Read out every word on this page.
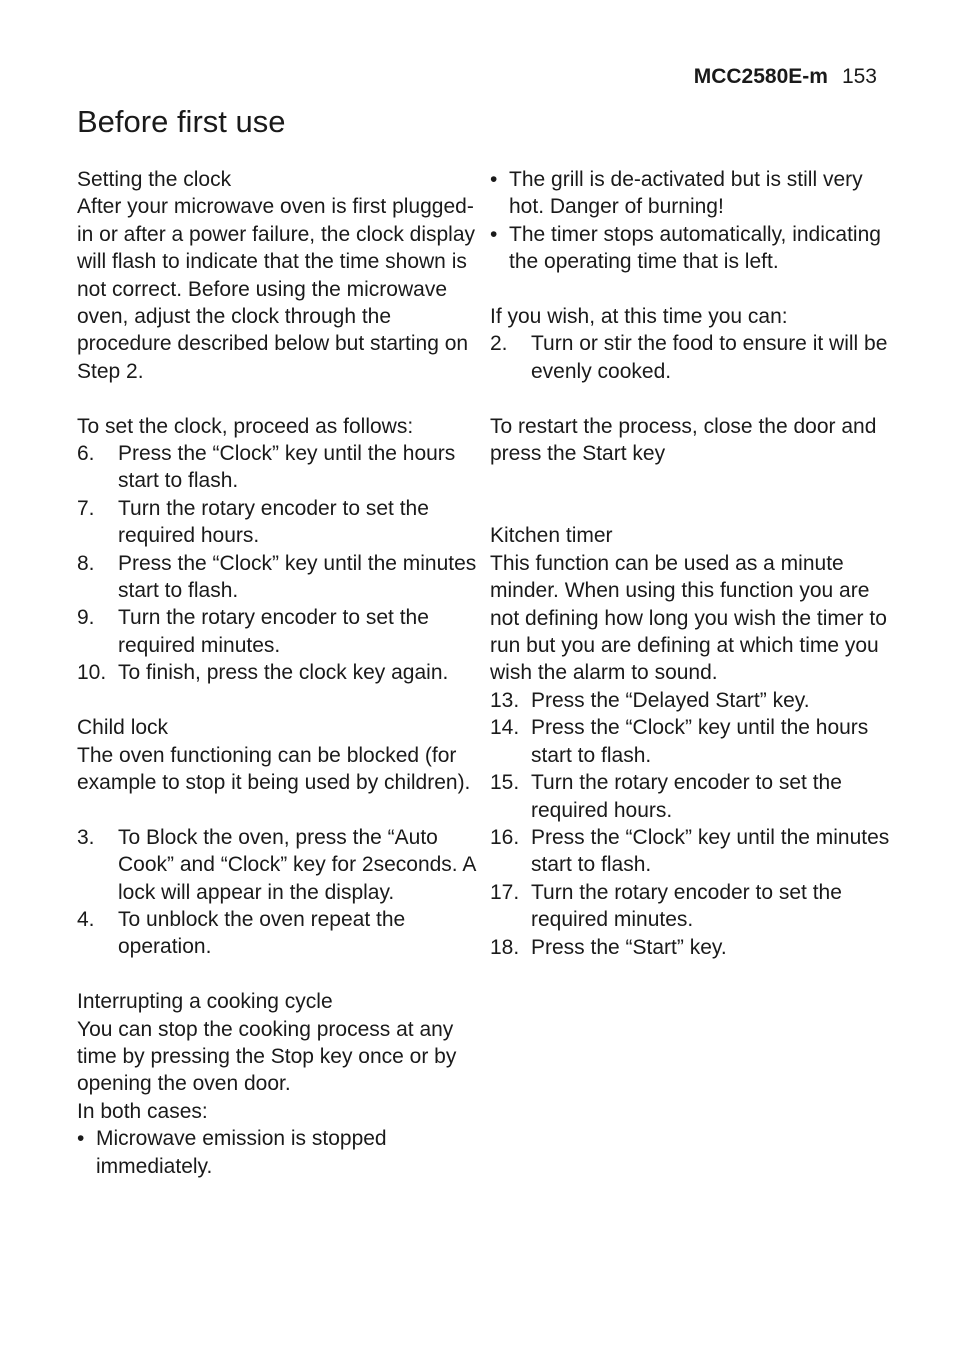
MCC2580E-m 153
Before first use
Setting the clock

After your microwave oven is first plugged-in or after a power failure, the clock display will flash to indicate that the time shown is not correct. Before using the microwave oven, adjust the clock through the procedure described below but starting on Step 2.

To set the clock, proceed as follows:

6.	Press the “Clock” key until the hours start to flash.
7.	Turn the rotary encoder to set the required hours.
8.	Press the “Clock” key until the minutes start to flash.
9.	Turn the rotary encoder to set the required minutes.
10. To finish, press the clock key again.
Child lock

The oven functioning can be blocked (for example to stop it being used by children).

3.	To Block the oven, press the “Auto Cook” and “Clock” key for 2seconds. A lock will appear in the display.
4.	To unblock the oven repeat the operation.
Interrupting a cooking cycle

You can stop the cooking process at any time by pressing the Stop key once or by opening the oven door.

In both cases:

• Microwave emission is stopped immediately.
• The grill is de-activated but is still very hot. Danger of burning!
• The timer stops automatically, indicating the operating time that is left.

If you wish, at this time you can:

2.	Turn or stir the food to ensure it will be evenly cooked.

To restart the process, close the door and press the Start key

Kitchen timer

This function can be used as a minute minder. When using this function you are not defining how long you wish the timer to run but you are defining at which time you wish the alarm to sound.

13. Press the “Delayed Start” key.
14. Press the “Clock” key until the hours start to flash.
15. Turn the rotary encoder to set the required hours.
16. Press the “Clock” key until the minutes start to flash.
17. Turn the rotary encoder to set the required minutes.
18. Press the “Start” key.
